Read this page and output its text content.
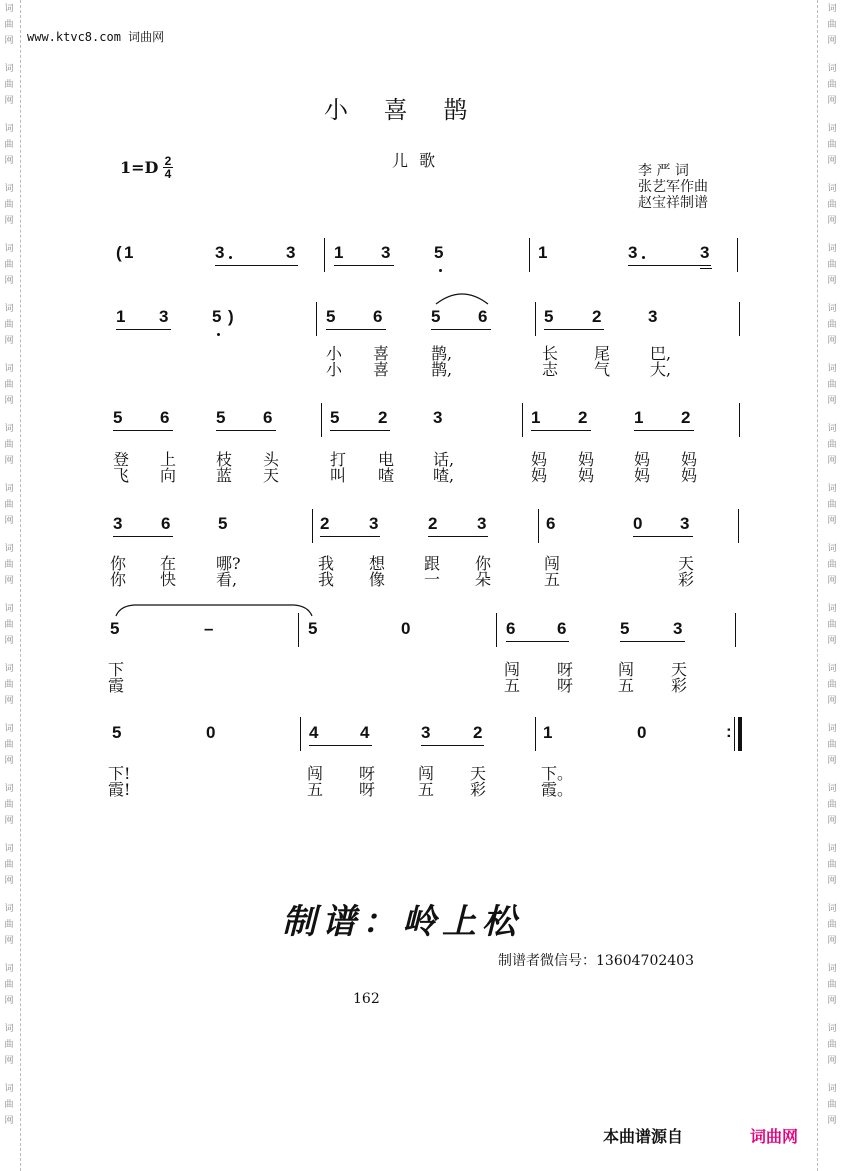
词
曲
网
词
曲
网
词
曲
网
词
曲
网
词
曲
网
词
曲
网
词
曲
网
词
曲
网
词
曲
网
词
曲
网
词
曲
网
词
曲
网
词
曲
网
词
曲
网
词
曲
网
词
曲
网
词
曲
网
词
曲
网
词
曲
网
词
曲
网
词
曲
网
词
曲
网
词
曲
网
词
曲
网
词
曲
网
词
曲
网
词
曲
网
词
曲
网
词
曲
网
词
曲
网
词
曲
网
词
曲
网
词
曲
网
词
曲
网
词
曲
网
词
曲
网
词
曲
网
词
曲
网
www.ktvc8.com 词曲网
小 喜 鹊
1=D 2
4
儿 歌
李 严 词
张艺军作曲
赵宝祥制谱
( 1	3	3 1 3	5	1	3	3
1 3	5 )	5 6	5 6	5 2	3
小 喜	鹊,	长 尾 巴,
小 喜	鹊,	志 气 大,
5 6	5 6	5 2	3	1 2	1 2
登 上 枝 头	打 电 话,	妈 妈 妈 妈
飞 向 蓝 天	叫 喳 喳,	妈 妈 妈 妈
3 6	5	2 3	2 3	6	0 3
你 在 哪?	我 想 跟 你	闯	天
你 快 看,	我 像 一 朵	五	彩
5	–	5	0	6 6	5	3
下	闯 呀	闯 天
霞	五 呀	五 彩
5	0	4 4	3	2	1	0	:
下!	闯 呀	闯 天	下。
霞!	五 呀	五 彩	霞。
制谱：岭上松
制谱者微信号：13604702403
162
本曲谱源自	词曲网
